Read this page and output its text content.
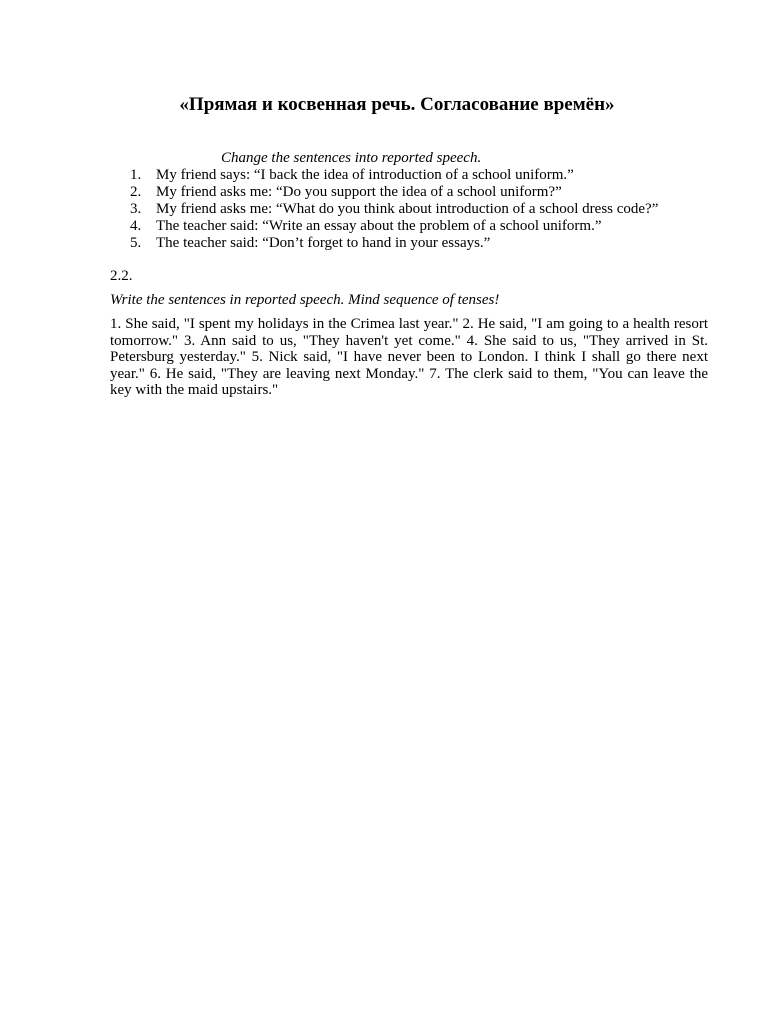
«Прямая и косвенная речь. Согласование времён»

Change the sentences into reported speech.

1. My friend says: “I back the idea of introduction of a school uniform.”
2. My friend asks me: “Do you support the idea of a school uniform?”
3. My friend asks me: “What do you think about introduction of a school dress code?”
4. The teacher said: “Write an essay about the problem of a school uniform.”
5. The teacher said: “Don’t forget to hand in your essays.”

2.2.

Write the sentences in reported speech. Mind sequence of tenses!

1. She said, "I spent my holidays in the Crimea last year." 2. He said, "I am going to a health resort tomorrow." 3. Ann said to us, "They haven't yet come." 4. She said to us, "They arrived in St. Petersburg yesterday." 5. Nick said, "I have never been to London. I think I shall go there next year." 6. He said, "They are leaving next Monday." 7. The clerk said to them, "You can leave the key with the maid upstairs."
